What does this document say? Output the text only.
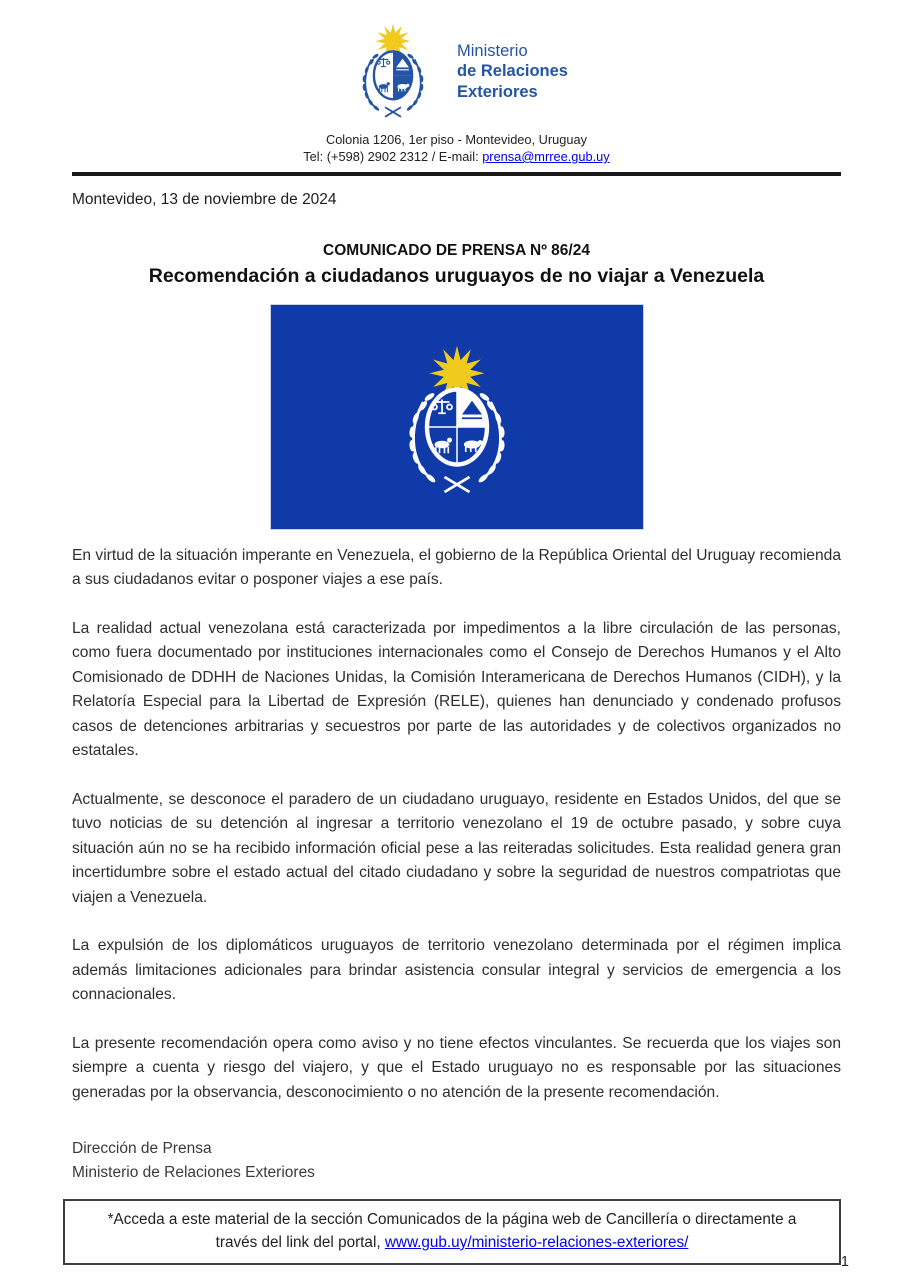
Ministerio
de Relaciones
Exteriores
Colonia 1206, 1er piso - Montevideo, Uruguay
Tel: (+598) 2902 2312 / E-mail: prensa@mrree.gub.uy
Montevideo, 13 de noviembre de 2024
COMUNICADO DE PRENSA Nº 86/24
Recomendación a ciudadanos uruguayos de no viajar a Venezuela

En virtud de la situación imperante en Venezuela, el gobierno de la República Oriental del Uruguay recomienda a sus ciudadanos evitar o posponer viajes a ese país.

La realidad actual venezolana está caracterizada por impedimentos a la libre circulación de las personas, como fuera documentado por instituciones internacionales como el Consejo de Derechos Humanos y el Alto Comisionado de DDHH de Naciones Unidas, la Comisión Interamericana de Derechos Humanos (CIDH), y la Relatoría Especial para la Libertad de Expresión (RELE), quienes han denunciado y condenado profusos casos de detenciones arbitrarias y secuestros por parte de las autoridades y de colectivos organizados no estatales.

Actualmente, se desconoce el paradero de un ciudadano uruguayo, residente en Estados Unidos, del que se tuvo noticias de su detención al ingresar a territorio venezolano el 19 de octubre pasado, y sobre cuya situación aún no se ha recibido información oficial pese a las reiteradas solicitudes. Esta realidad genera gran incertidumbre sobre el estado actual del citado ciudadano y sobre la seguridad de nuestros compatriotas que viajen a Venezuela.

La expulsión de los diplomáticos uruguayos de territorio venezolano determinada por el régimen implica además limitaciones adicionales para brindar asistencia consular integral y servicios de emergencia a los connacionales.

La presente recomendación opera como aviso y no tiene efectos vinculantes. Se recuerda que los viajes son siempre a cuenta y riesgo del viajero, y que el Estado uruguayo no es responsable por las situaciones generadas por la observancia, desconocimiento o no atención de la presente recomendación.

Dirección de Prensa
Ministerio de Relaciones Exteriores
*Acceda a este material de la sección Comunicados de la página web de Cancillería o directamente a través del link del portal, www.gub.uy/ministerio-relaciones-exteriores/
1
